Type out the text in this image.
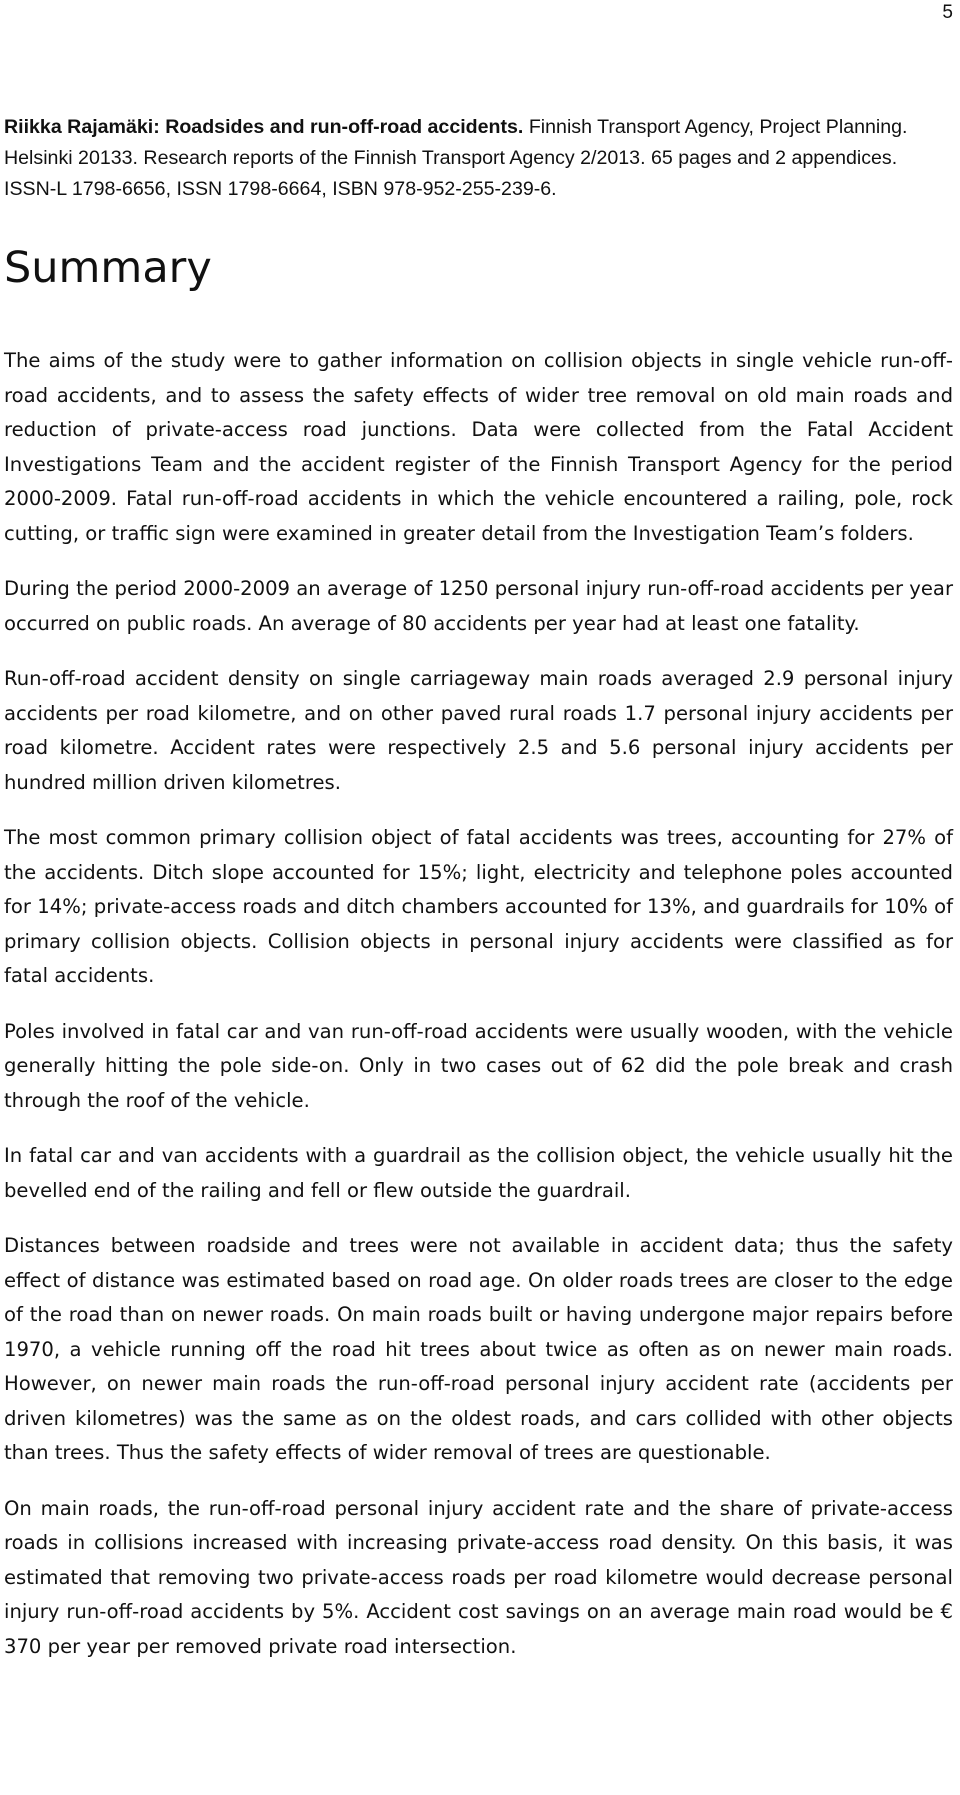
5
Riikka Rajamäki: Roadsides and run-off-road accidents. Finnish Transport Agency, Project Planning. Helsinki 20133. Research reports of the Finnish Transport Agency 2/2013. 65 pages and 2 appendices. ISSN-L 1798-6656, ISSN 1798-6664, ISBN 978-952-255-239-6.
Summary

The aims of the study were to gather information on collision objects in single vehicle run-off-road accidents, and to assess the safety effects of wider tree removal on old main roads and reduction of private-access road junctions. Data were collected from the Fatal Accident Investigations Team and the accident register of the Finnish Transport Agency for the period 2000-2009. Fatal run-off-road accidents in which the vehicle encountered a railing, pole, rock cutting, or traffic sign were examined in greater detail from the Investigation Team’s folders.

During the period 2000-2009 an average of 1250 personal injury run-off-road accidents per year occurred on public roads. An average of 80 accidents per year had at least one fatality.

Run-off-road accident density on single carriageway main roads averaged 2.9 personal injury accidents per road kilometre, and on other paved rural roads 1.7 personal injury accidents per road kilometre. Accident rates were respectively 2.5 and 5.6 personal injury accidents per hundred million driven kilometres.

The most common primary collision object of fatal accidents was trees, accounting for 27% of the accidents. Ditch slope accounted for 15%; light, electricity and telephone poles accounted for 14%; private-access roads and ditch chambers accounted for 13%, and guardrails for 10% of primary collision objects. Collision objects in personal injury accidents were classified as for fatal accidents.

Poles involved in fatal car and van run-off-road accidents were usually wooden, with the vehicle generally hitting the pole side-on. Only in two cases out of 62 did the pole break and crash through the roof of the vehicle.

In fatal car and van accidents with a guardrail as the collision object, the vehicle usually hit the bevelled end of the railing and fell or flew outside the guardrail.

Distances between roadside and trees were not available in accident data; thus the safety effect of distance was estimated based on road age. On older roads trees are closer to the edge of the road than on newer roads. On main roads built or having undergone major repairs before 1970, a vehicle running off the road hit trees about twice as often as on newer main roads. However, on newer main roads the run-off-road personal injury accident rate (accidents per driven kilometres) was the same as on the oldest roads, and cars collided with other objects than trees. Thus the safety effects of wider removal of trees are questionable.

On main roads, the run-off-road personal injury accident rate and the share of private-access roads in collisions increased with increasing private-access road density. On this basis, it was estimated that removing two private-access roads per road kilometre would decrease personal injury run-off-road accidents by 5%. Accident cost savings on an average main road would be € 370 per year per removed private road intersection.
